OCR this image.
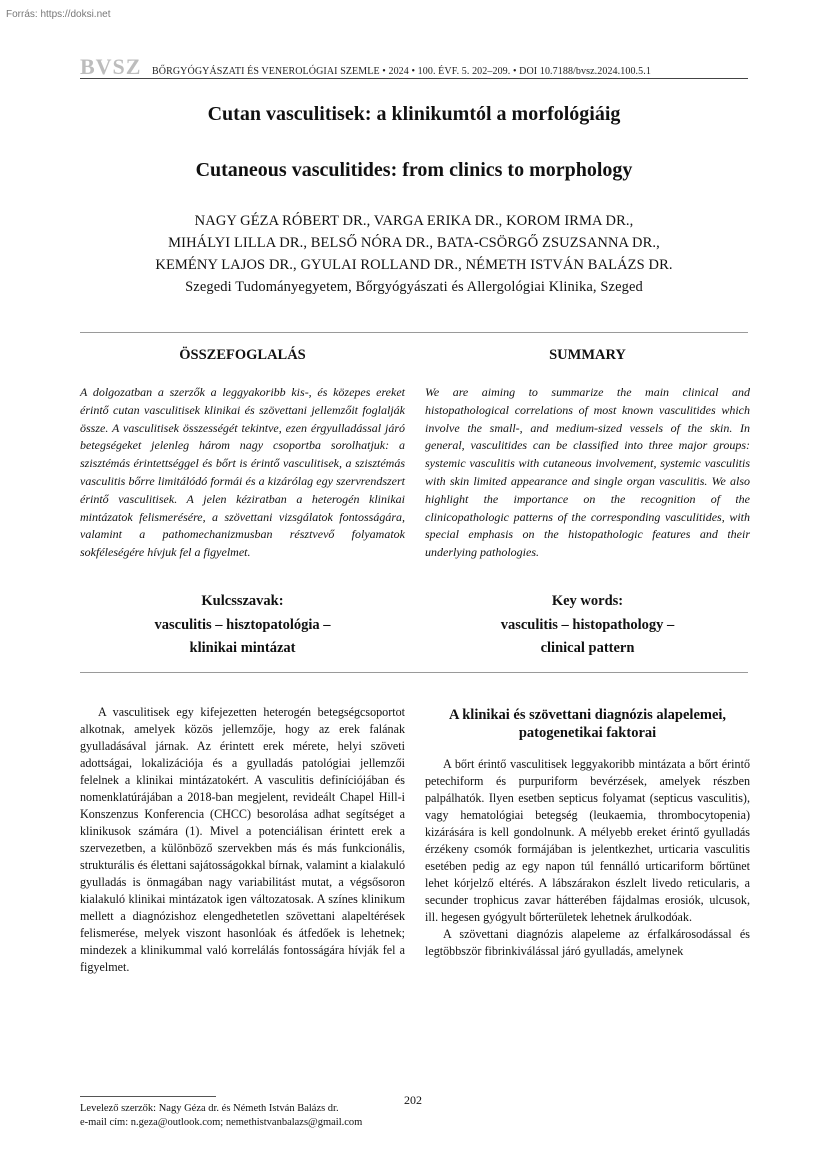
Forrás: https://doksi.net
BVSZ BŐRGYÓGYÁSZATI ÉS VENEROLÓGIAI SZEMLE • 2024 • 100. ÉVF. 5. 202–209. • DOI 10.7188/bvsz.2024.100.5.1
Cutan vasculitisek: a klinikumtól a morfológiáig
Cutaneous vasculitides: from clinics to morphology
NAGY GÉZA RÓBERT DR., VARGA ERIKA DR., KOROM IRMA DR.,
MIHÁLYI LILLA DR., BELSŐ NÓRA DR., BATA-CSÖRGŐ ZSUZSANNA DR.,
KEMÉNY LAJOS DR., GYULAI ROLLAND DR., NÉMETH ISTVÁN BALÁZS DR.
Szegedi Tudományegyetem, Bőrgyógyászati és Allergológiai Klinika, Szeged
ÖSSZEFOGLALÁS	SUMMARY

A dolgozatban a szerzők a leggyakoribb kis-, és közepes ereket érintő cutan vasculitisek klinikai és szövettani jellemzőit foglalják össze. A vasculitisek összességét tekintve, ezen érgyulladással járó betegségeket jelenleg három nagy csoportba sorolhatjuk: a szisztémás érintettséggel és bőrt is érintő vasculitisek, a szisztémás vasculitis bőrre limitálódó formái és a kizárólag egy szervrendszert érintő vasculitisek. A jelen kéziratban a heterogén klinikai mintázatok felismerésére, a szövettani vizsgálatok fontosságára, valamint a pathomechanizmusban résztvevő folyamatok sokféleségére hívjuk fel a figyelmet.

We are aiming to summarize the main clinical and histopathological correlations of most known vasculitides which involve the small-, and medium-sized vessels of the skin. In general, vasculitides can be classified into three major groups: systemic vasculitis with cutaneous involvement, systemic vasculitis with skin limited appearance and single organ vasculitis. We also highlight the importance on the recognition of the clinicopathologic patterns of the corresponding vasculitides, with special emphasis on the histopathologic features and their underlying pathologies.

Kulcsszavak:
vasculitis – hisztopatológia –
klinikai mintázat
Key words:
vasculitis – histopathology –
clinical pattern

A vasculitisek egy kifejezetten heterogén betegségcsoportot alkotnak, amelyek közös jellemzője, hogy az erek falának gyulladásával járnak. Az érintett erek mérete, helyi szöveti adottságai, lokalizációja és a gyulladás patológiai jellemzői felelnek a klinikai mintázatokért. A vasculitis definíciójában és nomenklatúrájában a 2018-ban megjelent, revideált Chapel Hill-i Konszenzus Konferencia (CHCC) besorolása adhat segítséget a klinikusok számára (1). Mivel a potenciálisan érintett erek a szervezetben, a különböző szervekben más és más funkcionális, strukturális és élettani sajátosságokkal bírnak, valamint a kialakuló gyulladás is önmagában nagy variabilitást mutat, a végsősoron kialakuló klinikai mintázatok igen változatosak. A színes klinikum mellett a diagnózishoz elengedhetetlen szövettani alapeltérések felismerése, melyek viszont hasonlóak és átfedőek is lehetnek; mindezek a klinikummal való korrelálás fontosságára hívják fel a figyelmet.

A klinikai és szövettani diagnózis alapelemei, patogenetikai faktorai

A bőrt érintő vasculitisek leggyakoribb mintázata a bőrt érintő petechiform és purpuriform bevérzések, amelyek részben palpálhatók. Ilyen esetben septicus folyamat (septicus vasculitis), vagy hematológiai betegség (leukaemia, thrombocytopenia) kizárására is kell gondolnunk. A mélyebb ereket érintő gyulladás érzékeny csomók formájában is jelentkezhet, urticaria vasculitis esetében pedig az egy napon túl fennálló urticariform bőrtünet lehet kórjelző eltérés. A lábszárakon észlelt livedo reticularis, a secunder trophicus zavar hátterében fájdalmas erosiók, ulcusok, ill. hegesen gyógyult bőrterületek lehetnek árulkodóak.

A szövettani diagnózis alapeleme az érfalkárosodással és legtöbbször fibrinkiválással járó gyulladás, amelynek

202
Levelező szerzők: Nagy Géza dr. és Németh István Balázs dr.
e-mail cím: n.geza@outlook.com; nemethistvanbalazs@gmail.com
